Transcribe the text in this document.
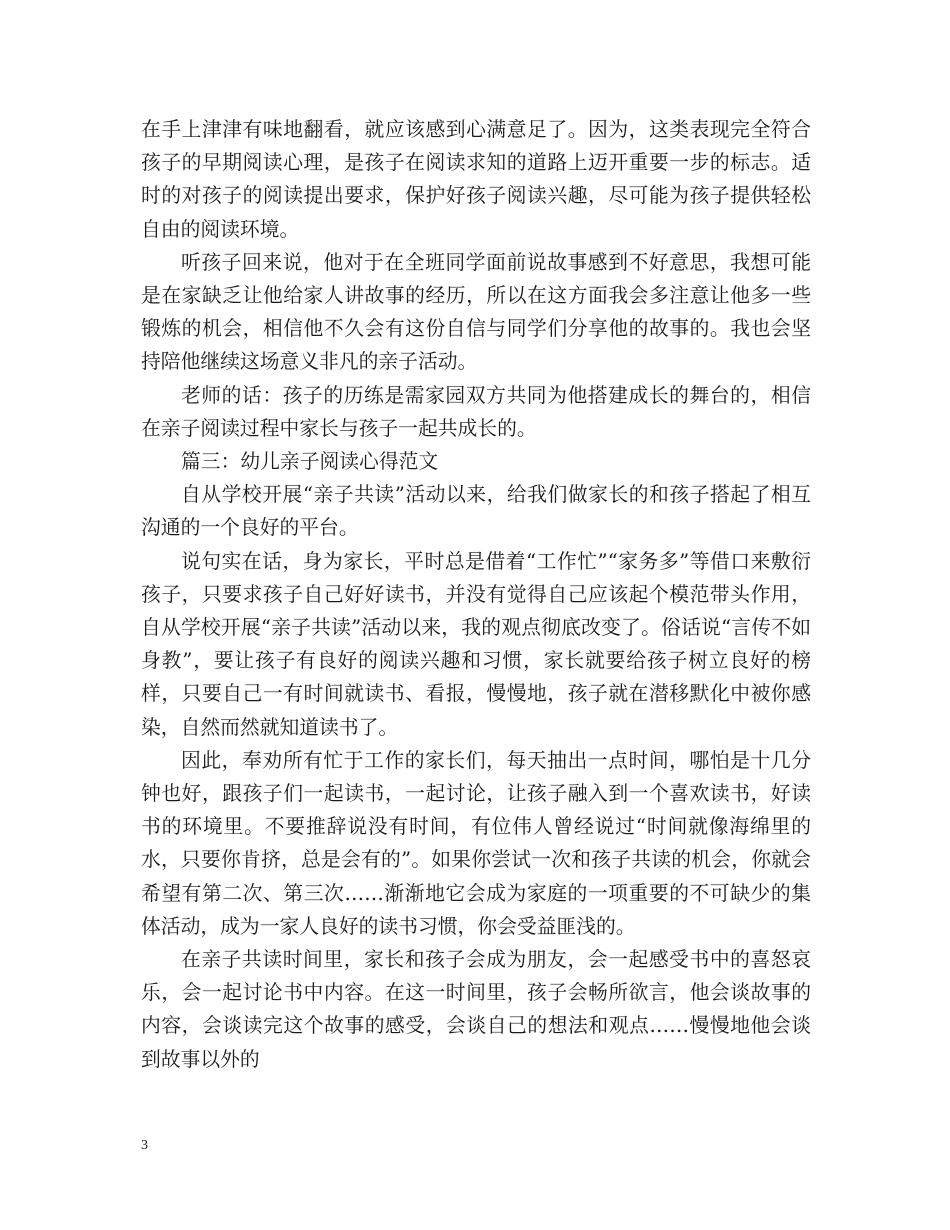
在手上津津有味地翻看，就应该感到心满意足了。因为，这类表现完全符合孩子的早期阅读心理，是孩子在阅读求知的道路上迈开重要一步的标志。适时的对孩子的阅读提出要求，保护好孩子阅读兴趣，尽可能为孩子提供轻松自由的阅读环境。

听孩子回来说，他对于在全班同学面前说故事感到不好意思，我想可能是在家缺乏让他给家人讲故事的经历，所以在这方面我会多注意让他多一些锻炼的机会，相信他不久会有这份自信与同学们分享他的故事的。我也会坚持陪他继续这场意义非凡的亲子活动。

老师的话：孩子的历练是需家园双方共同为他搭建成长的舞台的，相信在亲子阅读过程中家长与孩子一起共成长的。

篇三：幼儿亲子阅读心得范文

自从学校开展“亲子共读”活动以来，给我们做家长的和孩子搭起了相互沟通的一个良好的平台。

说句实在话，身为家长，平时总是借着“工作忙”“家务多”等借口来敷衍孩子，只要求孩子自己好好读书，并没有觉得自己应该起个模范带头作用，自从学校开展“亲子共读”活动以来，我的观点彻底改变了。俗话说“言传不如身教”，要让孩子有良好的阅读兴趣和习惯，家长就要给孩子树立良好的榜样，只要自己一有时间就读书、看报，慢慢地，孩子就在潜移默化中被你感染，自然而然就知道读书了。

因此，奉劝所有忙于工作的家长们，每天抽出一点时间，哪怕是十几分钟也好，跟孩子们一起读书，一起讨论，让孩子融入到一个喜欢读书，好读书的环境里。不要推辞说没有时间，有位伟人曾经说过“时间就像海绵里的水，只要你肯挤，总是会有的”。如果你尝试一次和孩子共读的机会，你就会希望有第二次、第三次……渐渐地它会成为家庭的一项重要的不可缺少的集体活动，成为一家人良好的读书习惯，你会受益匪浅的。

在亲子共读时间里，家长和孩子会成为朋友，会一起感受书中的喜怒哀乐，会一起讨论书中内容。在这一时间里，孩子会畅所欲言，他会谈故事的内容，会谈读完这个故事的感受，会谈自己的想法和观点……慢慢地他会谈到故事以外的

3
